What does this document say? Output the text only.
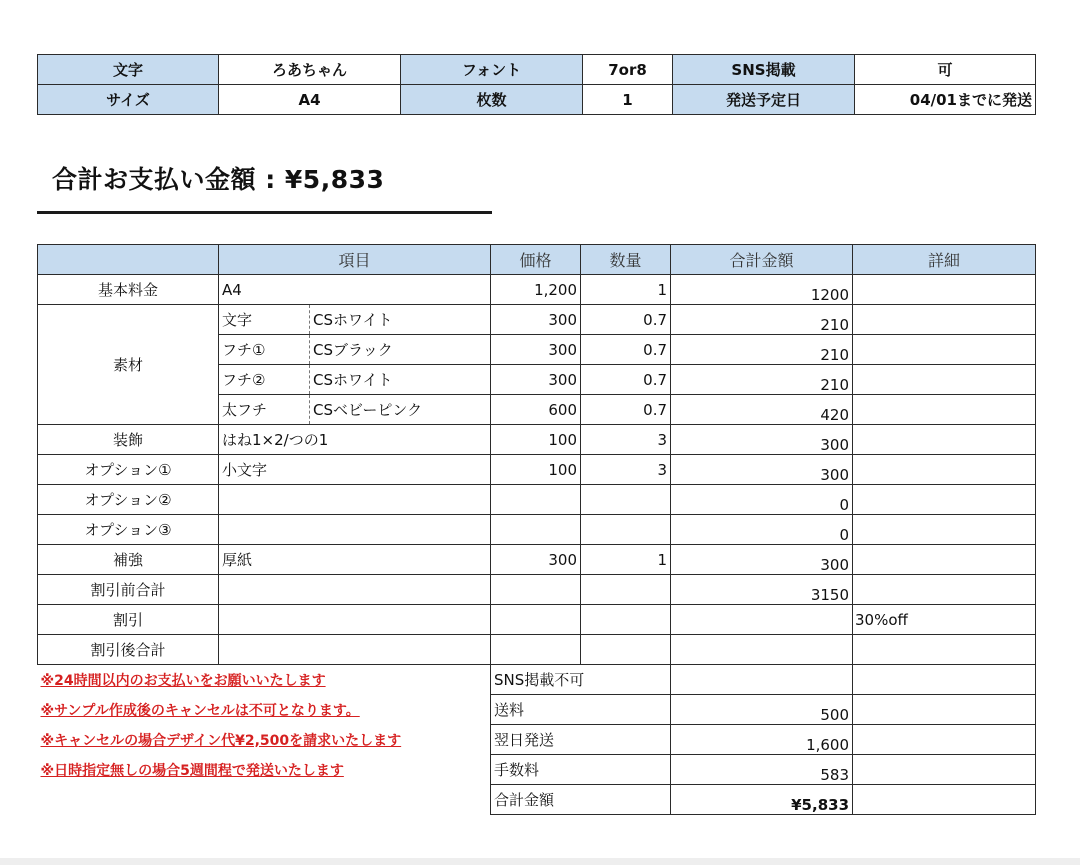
文字	ろあちゃん	フォント	7or8	SNS掲載	可
サイズ	A4	枚数	1	発送予定日	04/01までに発送
合計お支払い金額 : ¥5,833
	項目		価格	数量	合計金額	詳細
基本料金	A4		1,200	1	1200	
素材	文字	CSホワイト	300	0.7	210	
	フチ①	CSブラック	300	0.7	210	
	フチ②	CSホワイト	300	0.7	210	
	太フチ	CSベビーピンク	600	0.7	420	
装飾	はね1×2/つの1		100	3	300	
オプション①	小文字		100	3	300	
オプション②					0	
オプション③					0	
補強	厚紙		300	1	300	
割引前合計					3150	
割引						30%off
割引後合計						
※24時間以内のお支払いをお願いいたします			SNS掲載不可			
※サンプル作成後のキャンセルは不可となります。			送料		500	
※キャンセルの場合デザイン代¥2,500を請求いたします			翌日発送		1,600	
※日時指定無しの場合5週間程で発送いたします			手数料		583	
			合計金額		¥5,833	
